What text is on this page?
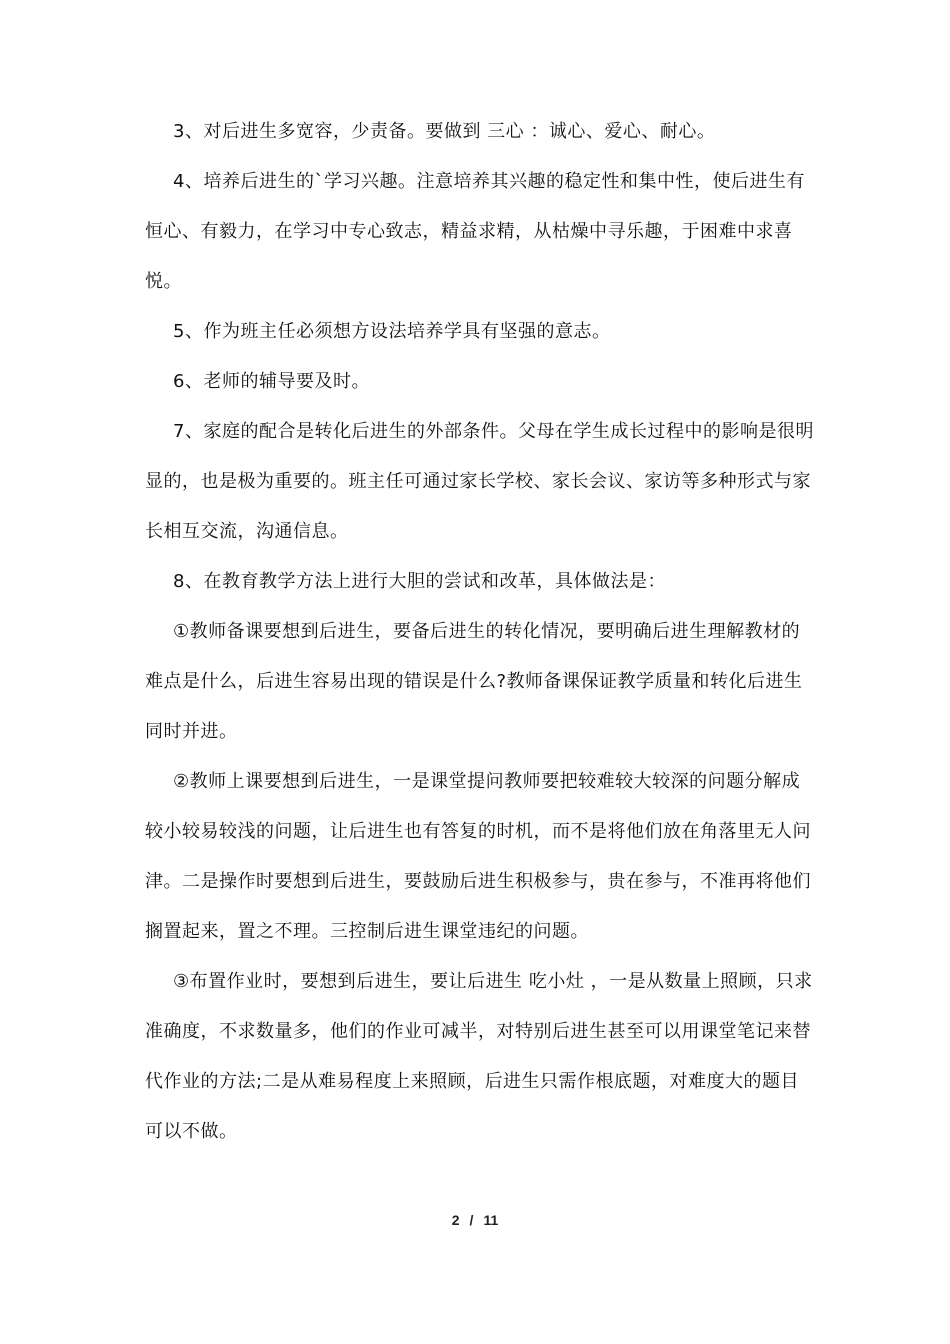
3、对后进生多宽容，少责备。要做到 三心 ：诚心、爱心、耐心。

4、培养后进生的`学习兴趣。注意培养其兴趣的稳定性和集中性，使后进生有恒心、有毅力，在学习中专心致志，精益求精，从枯燥中寻乐趣，于困难中求喜悦。

5、作为班主任必须想方设法培养学具有坚强的意志。

6、老师的辅导要及时。

7、家庭的配合是转化后进生的外部条件。父母在学生成长过程中的影响是很明显的，也是极为重要的。班主任可通过家长学校、家长会议、家访等多种形式与家长相互交流，沟通信息。

8、在教育教学方法上进行大胆的尝试和改革，具体做法是：

①教师备课要想到后进生，要备后进生的转化情况，要明确后进生理解教材的难点是什么，后进生容易出现的错误是什么?教师备课保证教学质量和转化后进生同时并进。

②教师上课要想到后进生，一是课堂提问教师要把较难较大较深的问题分解成较小较易较浅的问题，让后进生也有答复的时机，而不是将他们放在角落里无人问津。二是操作时要想到后进生，要鼓励后进生积极参与，贵在参与，不准再将他们搁置起来，置之不理。三控制后进生课堂违纪的问题。

③布置作业时，要想到后进生，要让后进生 吃小灶 ，一是从数量上照顾，只求准确度，不求数量多，他们的作业可减半，对特别后进生甚至可以用课堂笔记来替代作业的方法;二是从难易程度上来照顾，后进生只需作根底题，对难度大的题目可以不做。

2 / 11
